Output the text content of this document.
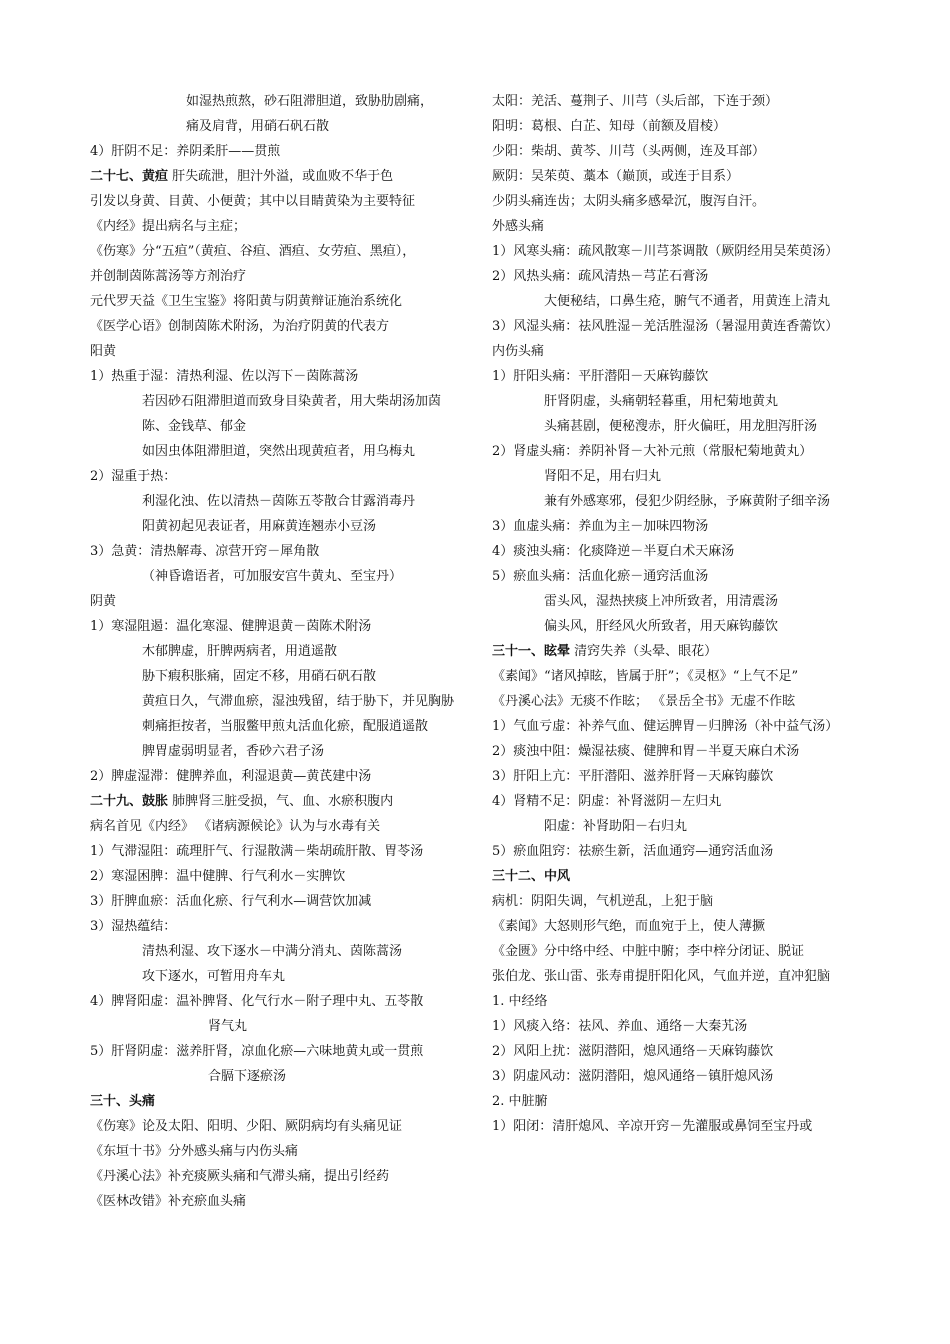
如湿热煎熬，砂石阻滞胆道，致胁肋剧痛，
痛及肩背，用硝石矾石散
4）肝阴不足：养阴柔肝——贯煎
二十七、黄疸 肝失疏泄，胆汁外溢，或血败不华于色
引发以身黄、目黄、小便黄；其中以目睛黄染为主要特征
《内经》提出病名与主症；
《伤寒》分“五疸”（黄疸、谷疸、酒疸、女劳疸、黑疸），
并创制茵陈蒿汤等方剂治疗
元代罗天益《卫生宝鉴》将阳黄与阴黄辩证施治系统化
《医学心语》创制茵陈术附汤，为治疗阴黄的代表方
阳黄
1）热重于湿：清热利湿、佐以泻下－茵陈蒿汤
若因砂石阻滞胆道而致身目染黄者，用大柴胡汤加茵陈、金钱草、郁金
如因虫体阻滞胆道，突然出现黄疸者，用乌梅丸
2）湿重于热：
利湿化浊、佐以清热－茵陈五苓散合甘露消毒丹
阳黄初起见表证者，用麻黄连翘赤小豆汤
3）急黄：清热解毒、凉营开窍－犀角散
（神昏谵语者，可加服安宫牛黄丸、至宝丹）
阴黄
1）寒湿阻遏：温化寒湿、健脾退黄－茵陈术附汤
木郁脾虚，肝脾两病者，用逍遥散
胁下瘕积胀痛，固定不移，用硝石矾石散
黄疸日久，气滞血瘀，湿浊残留，结于胁下，并见胸胁刺痛拒按者，当服鳖甲煎丸活血化瘀，配服逍遥散
脾胃虚弱明显者，香砂六君子汤
2）脾虚湿滞：健脾养血，利湿退黄—黄芪建中汤
二十九、鼓胀 肺脾肾三脏受损，气、血、水瘀积腹内
病名首见《内经》 《诸病源候论》认为与水毒有关
1）气滞湿阻：疏理肝气、行湿散满－柴胡疏肝散、胃苓汤
2）寒湿困脾：温中健脾、行气利水－实脾饮
3）肝脾血瘀：活血化瘀、行气利水—调营饮加减
3）湿热蕴结：
清热利湿、攻下逐水－中满分消丸、茵陈蒿汤
攻下逐水，可暂用舟车丸
4）脾肾阳虚：温补脾肾、化气行水－附子理中丸、五苓散
肾气丸
5）肝肾阴虚：滋养肝肾，凉血化瘀—六味地黄丸或一贯煎
合膈下逐瘀汤
三十、头痛
《伤寒》论及太阳、阳明、少阳、厥阴病均有头痛见证
《东垣十书》分外感头痛与内伤头痛
《丹溪心法》补充痰厥头痛和气滞头痛，提出引经药
《医林改错》补充瘀血头痛
太阳：羌活、蔓荆子、川芎（头后部，下连于颈）
阳明：葛根、白芷、知母（前额及眉棱）
少阳：柴胡、黄芩、川芎（头两侧，连及耳部）
厥阴：吴茱萸、藁本（巅顶，或连于目系）
少阴头痛连齿；太阴头痛多感晕沉，腹泻自汗。
外感头痛
1）风寒头痛：疏风散寒－川芎茶调散（厥阴经用吴茱萸汤）
2）风热头痛：疏风清热－芎芷石膏汤
大便秘结，口鼻生疮，腑气不通者，用黄连上清丸
3）风湿头痛：祛风胜湿－羌活胜湿汤（暑湿用黄连香薷饮）
内伤头痛
1）肝阳头痛：平肝潜阳－天麻钩藤饮
肝肾阴虚，头痛朝轻暮重，用杞菊地黄丸
头痛甚剧，便秘溲赤，肝火偏旺，用龙胆泻肝汤
2）肾虚头痛：养阴补肾－大补元煎（常服杞菊地黄丸）
肾阳不足，用右归丸
兼有外感寒邪，侵犯少阴经脉，予麻黄附子细辛汤
3）血虚头痛：养血为主－加味四物汤
4）痰浊头痛：化痰降逆－半夏白术天麻汤
5）瘀血头痛：活血化瘀－通窍活血汤
雷头风，湿热挟痰上冲所致者，用清震汤
偏头风，肝经风火所致者，用天麻钩藤饮
三十一、眩晕 清窍失养（头晕、眼花）
《素闻》“诸风掉眩，皆属于肝”；《灵枢》“上气不足”
《丹溪心法》无痰不作眩； 《景岳全书》无虚不作眩
1）气血亏虚：补养气血、健运脾胃－归脾汤（补中益气汤）
2）痰浊中阻：燥湿祛痰、健脾和胃－半夏天麻白术汤
3）肝阳上亢：平肝潜阳、滋养肝肾－天麻钩藤饮
4）肾精不足：阴虚：补肾滋阴－左归丸
阳虚：补肾助阳－右归丸
5）瘀血阻窍：祛瘀生新，活血通窍—通窍活血汤
三十二、中风
病机：阴阳失调，气机逆乱，上犯于脑
《素闻》大怒则形气绝，而血宛于上，使人薄撅
《金匮》分中络中经、中脏中腑；李中梓分闭证、脱证
张伯龙、张山雷、张寿甫提肝阳化风，气血并逆，直冲犯脑
1. 中经络
1）风痰入络：祛风、养血、通络－大秦艽汤
2）风阳上扰：滋阴潜阳，熄风通络－天麻钩藤饮
3）阴虚风动：滋阴潜阳，熄风通络－镇肝熄风汤
2. 中脏腑
1）阳闭：清肝熄风、辛凉开窍－先灌服或鼻饲至宝丹或
